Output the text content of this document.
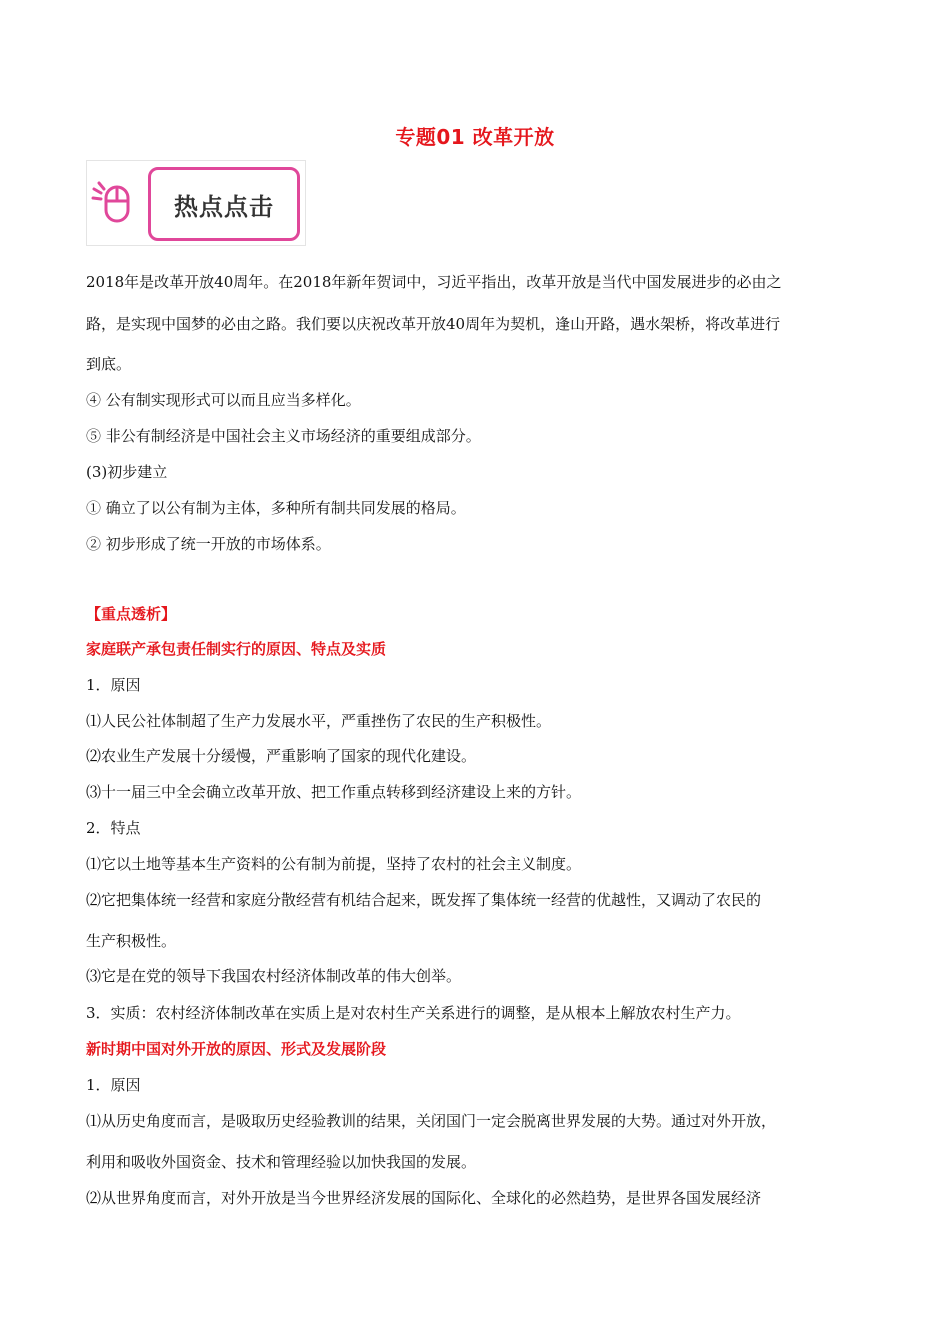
专题01 改革开放
热点点击
2018年是改革开放40周年。在2018年新年贺词中，习近平指出，改革开放是当代中国发展进步的必由之
路，是实现中国梦的必由之路。我们要以庆祝改革开放40周年为契机，逢山开路，遇水架桥，将改革进行
到底。
④ 公有制实现形式可以而且应当多样化。
⑤ 非公有制经济是中国社会主义市场经济的重要组成部分。
(3)初步建立
① 确立了以公有制为主体，多种所有制共同发展的格局。
② 初步形成了统一开放的市场体系。
【重点透析】
家庭联产承包责任制实行的原因、特点及实质
1．原因
⑴人民公社体制超了生产力发展水平，严重挫伤了农民的生产积极性。
⑵农业生产发展十分缓慢，严重影响了国家的现代化建设。
⑶十一届三中全会确立改革开放、把工作重点转移到经济建设上来的方针。
2．特点
⑴它以土地等基本生产资料的公有制为前提，坚持了农村的社会主义制度。
⑵它把集体统一经营和家庭分散经营有机结合起来，既发挥了集体统一经营的优越性，又调动了农民的
生产积极性。
⑶它是在党的领导下我国农村经济体制改革的伟大创举。
3．实质：农村经济体制改革在实质上是对农村生产关系进行的调整，是从根本上解放农村生产力。
新时期中国对外开放的原因、形式及发展阶段
1．原因
⑴从历史角度而言，是吸取历史经验教训的结果，关闭国门一定会脱离世界发展的大势。通过对外开放，
利用和吸收外国资金、技术和管理经验以加快我国的发展。
⑵从世界角度而言，对外开放是当今世界经济发展的国际化、全球化的必然趋势，是世界各国发展经济
